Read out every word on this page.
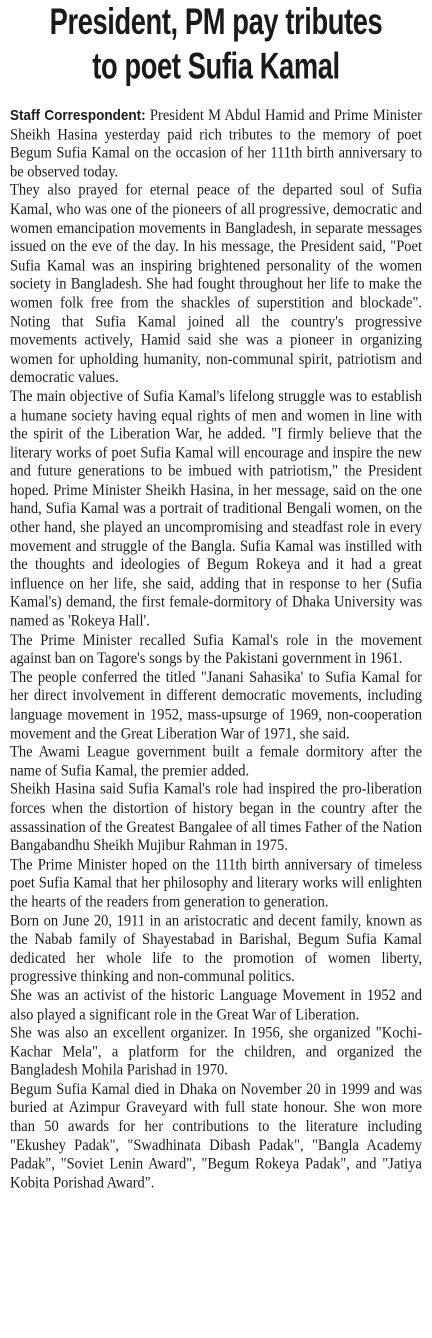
President, PM pay tributes
to poet Sufia Kamal

Staff Correspondent: President M Abdul Hamid and Prime Minister Sheikh Hasina yesterday paid rich tributes to the memory of poet Begum Sufia Kamal on the occasion of her 111th birth anniversary to be observed today.

They also prayed for eternal peace of the departed soul of Sufia Kamal, who was one of the pioneers of all progressive, democratic and women emancipation movements in Bangladesh, in separate messages issued on the eve of the day. In his message, the President said, "Poet Sufia Kamal was an inspiring brightened personality of the women society in Bangladesh. She had fought throughout her life to make the women folk free from the shackles of superstition and blockade". Noting that Sufia Kamal joined all the country's progressive movements actively, Hamid said she was a pioneer in organizing women for upholding humanity, non-communal spirit, patriotism and democratic values.

The main objective of Sufia Kamal's lifelong struggle was to establish a humane society having equal rights of men and women in line with the spirit of the Liberation War, he added. "I firmly believe that the literary works of poet Sufia Kamal will encourage and inspire the new and future generations to be imbued with patriotism," the President hoped. Prime Minister Sheikh Hasina, in her message, said on the one hand, Sufia Kamal was a portrait of traditional Bengali women, on the other hand, she played an uncompromising and steadfast role in every movement and struggle of the Bangla. Sufia Kamal was instilled with the thoughts and ideologies of Begum Rokeya and it had a great influence on her life, she said, adding that in response to her (Sufia Kamal's) demand, the first female-dormitory of Dhaka University was named as 'Rokeya Hall'.

The Prime Minister recalled Sufia Kamal's role in the movement against ban on Tagore's songs by the Pakistani government in 1961.

The people conferred the titled "Janani Sahasika' to Sufia Kamal for her direct involvement in different democratic movements, including language movement in 1952, mass-upsurge of 1969, non-cooperation movement and the Great Liberation War of 1971, she said.

The Awami League government built a female dormitory after the name of Sufia Kamal, the premier added.

Sheikh Hasina said Sufia Kamal's role had inspired the pro-liberation forces when the distortion of history began in the country after the assassination of the Greatest Bangalee of all times Father of the Nation Bangabandhu Sheikh Mujibur Rahman in 1975.

The Prime Minister hoped on the 111th birth anniversary of timeless poet Sufia Kamal that her philosophy and literary works will enlighten the hearts of the readers from generation to generation.

Born on June 20, 1911 in an aristocratic and decent family, known as the Nabab family of Shayestabad in Barishal, Begum Sufia Kamal dedicated her whole life to the promotion of women liberty, progressive thinking and non-communal politics.

She was an activist of the historic Language Movement in 1952 and also played a significant role in the Great War of Liberation.

She was also an excellent organizer. In 1956, she organized "Kochi-Kachar Mela", a platform for the children, and organized the Bangladesh Mohila Parishad in 1970.

Begum Sufia Kamal died in Dhaka on November 20 in 1999 and was buried at Azimpur Graveyard with full state honour. She won more than 50 awards for her contributions to the literature including "Ekushey Padak", "Swadhinata Dibash Padak", "Bangla Academy Padak", "Soviet Lenin Award", "Begum Rokeya Padak", and "Jatiya Kobita Porishad Award".
